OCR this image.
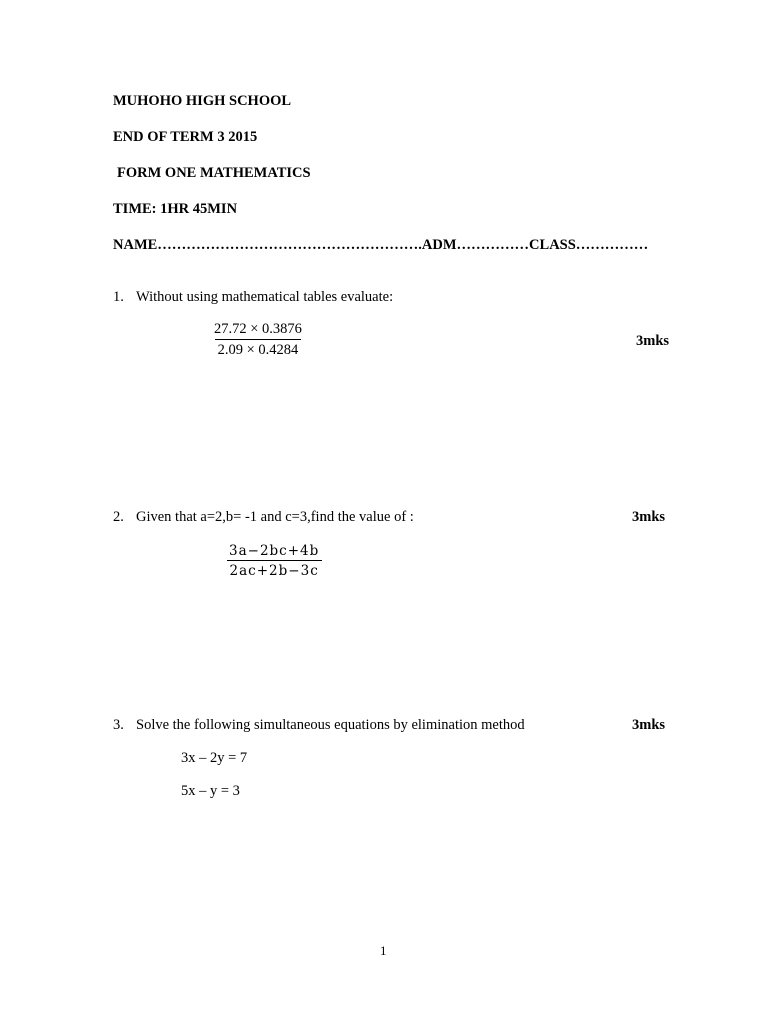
MUHOHO HIGH SCHOOL
END OF TERM 3 2015
FORM ONE MATHEMATICS
TIME: 1HR 45MIN
NAME……………………………………………….ADM……………CLASS……………
1. Without using mathematical tables evaluate:
$\frac{27.72 \times 0.3876}{2.09 \times 0.4284}$	3mks
2. Given that a=2,b= -1 and c=3,find the value of :	3mks
$\frac{3a-2bc+4b}{2ac+2b-3c}$
3. Solve the following simultaneous equations by elimination method	3mks
3x – 2y = 7
5x – y = 3
1
